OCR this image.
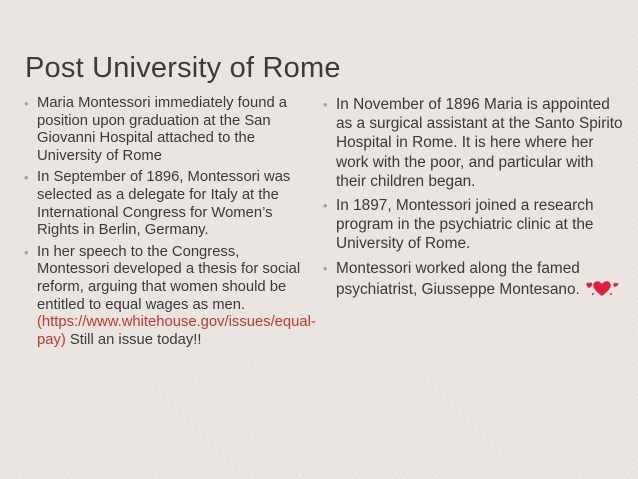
Post University of Rome
• Maria Montessori immediately found a position upon graduation at the San Giovanni Hospital attached to the University of Rome
• In September of 1896, Montessori was selected as a delegate for Italy at the International Congress for Women’s Rights in Berlin, Germany.
• In her speech to the Congress, Montessori developed a thesis for social reform, arguing that women should be entitled to equal wages as men. (https://www.whitehouse.gov/issues/equal-pay) Still an issue today!!
• In November of 1896 Maria is appointed as a surgical assistant at the Santo Spirito Hospital in Rome. It is here where her work with the poor, and particular with their children began.
• In 1897, Montessori joined a research program in the psychiatric clinic at the University of Rome.
• Montessori worked along the famed psychiatrist, Giusseppe Montesano.
